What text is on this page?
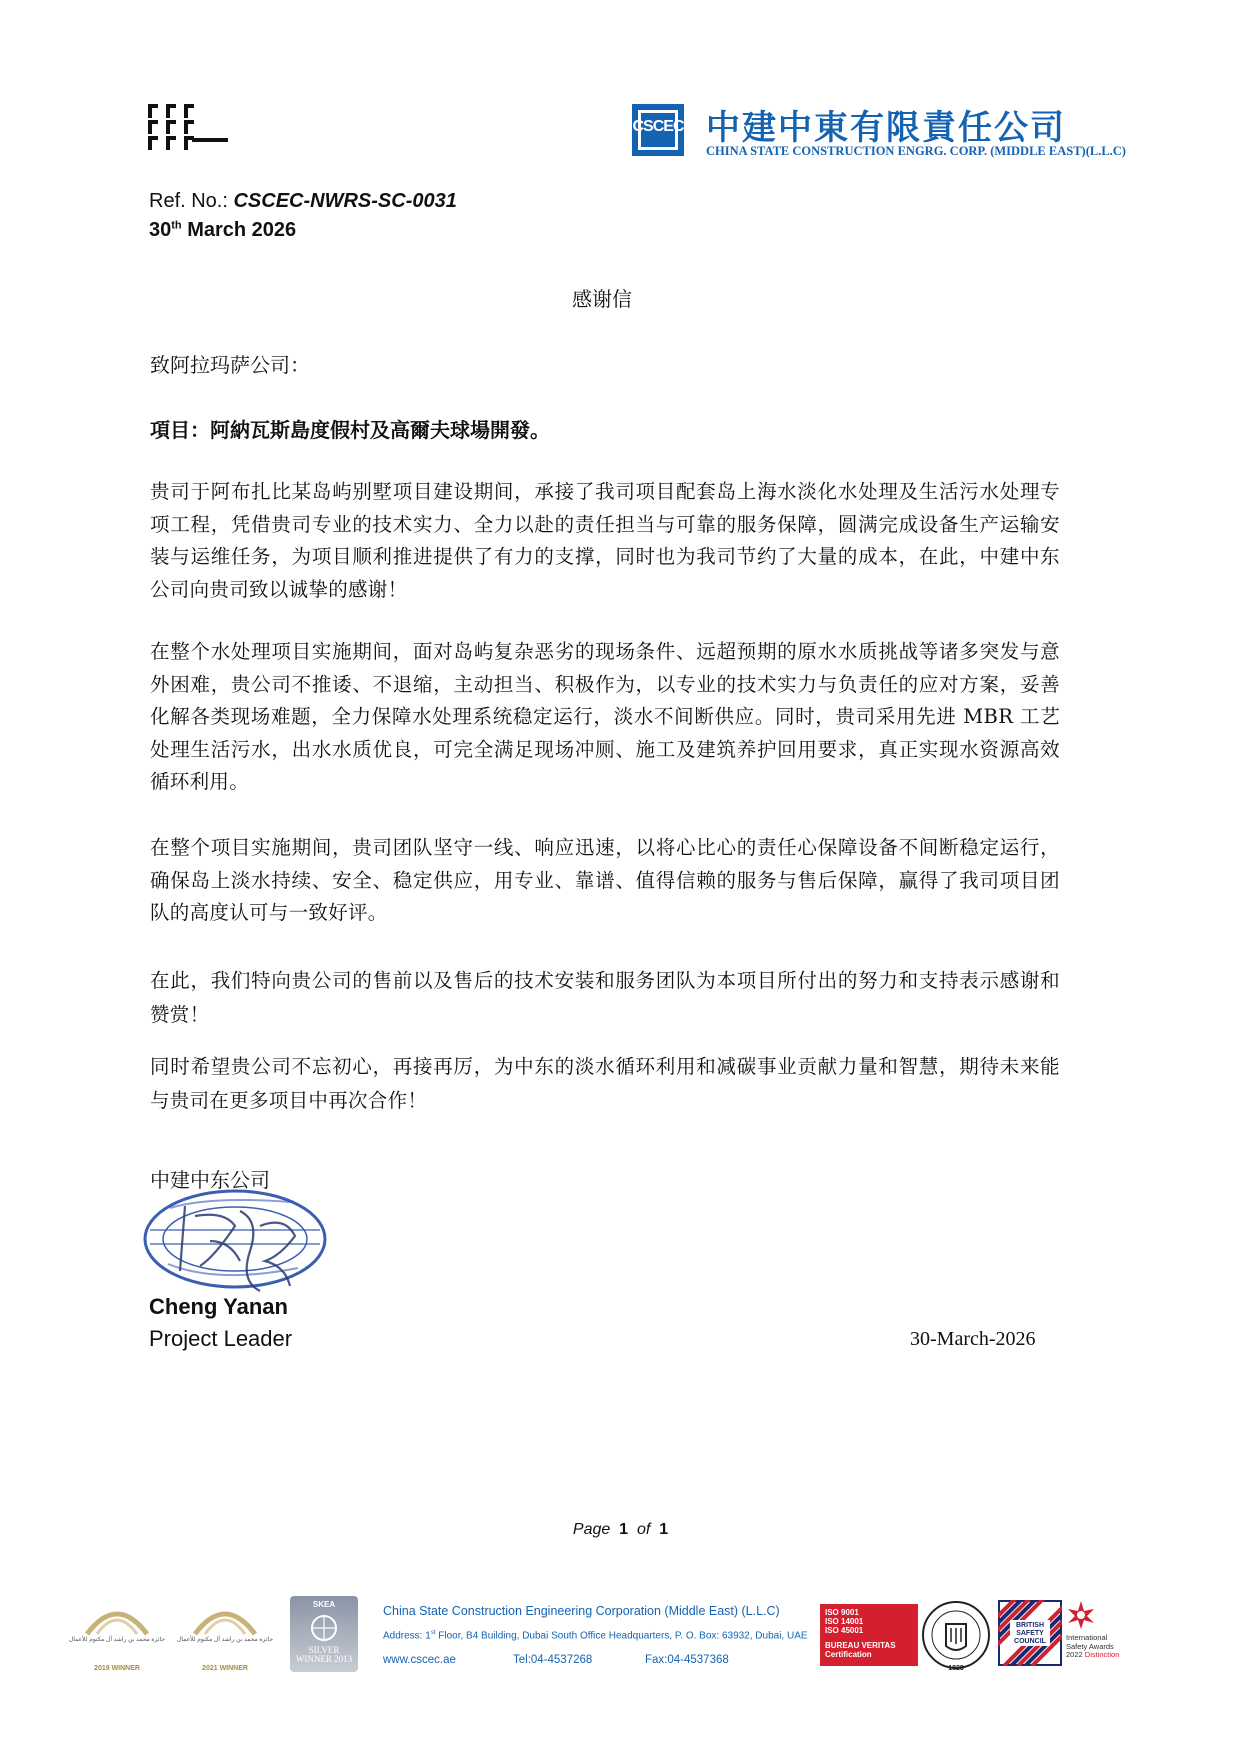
CSCEC 中建中東有限責任公司
CHINA STATE CONSTRUCTION ENGRG. CORP. (MIDDLE EAST)(L.L.C)
Ref. No.: CSCEC-NWRS-SC-0031
30th March 2026
感谢信
致阿拉玛萨公司：
項目：阿納瓦斯島度假村及高爾夫球場開發。

贵司于阿布扎比某岛屿别墅项目建设期间，承接了我司项目配套岛上海水淡化水处理及生活污水处理专项工程，凭借贵司专业的技术实力、全力以赴的责任担当与可靠的服务保障，圆满完成设备生产运输安装与运维任务，为项目顺利推进提供了有力的支撑，同时也为我司节约了大量的成本，在此，中建中东公司向贵司致以诚挚的感谢！

在整个水处理项目实施期间，面对岛屿复杂恶劣的现场条件、远超预期的原水水质挑战等诸多突发与意外困难，贵公司不推诿、不退缩，主动担当、积极作为，以专业的技术实力与负责任的应对方案，妥善化解各类现场难题，全力保障水处理系统稳定运行，淡水不间断供应。同时，贵司采用先进 MBR 工艺处理生活污水，出水水质优良，可完全满足现场冲厕、施工及建筑养护回用要求，真正实现水资源高效循环利用。

在整个项目实施期间，贵司团队坚守一线、响应迅速，以将心比心的责任心保障设备不间断稳定运行，确保岛上淡水持续、安全、稳定供应，用专业、靠谱、值得信赖的服务与售后保障，赢得了我司项目团队的高度认可与一致好评。

在此，我们特向贵公司的售前以及售后的技术安装和服务团队为本项目所付出的努力和支持表示感谢和赞赏！

同时希望贵公司不忘初心，再接再厉，为中东的淡水循环利用和减碳事业贡献力量和智慧，期待未来能与贵司在更多项目中再次合作！

中建中东公司
Cheng Yanan
Project Leader	30-March-2026
Page 1 of 1
جائزة محمد بن راشد آل مكتوم للأعمال
2019 WINNER
جائزة محمد بن راشد آل مكتوم للأعمال
2021 WINNER
SKEA
SILVER WINNER 2013
China State Construction Engineering Corporation (Middle East) (L.L.C)
Address: 1st Floor, B4 Building, Dubai South Office Headquarters, P. O. Box: 63932, Dubai, UAE
www.cscec.ae	Tel:04-4537268	Fax:04-4537368
ISO 9001
ISO 14001
ISO 45001
BUREAU VERITAS
Certification
1828
BRITISH SAFETY COUNCIL	International
Safety Awards
2022 Distinction
